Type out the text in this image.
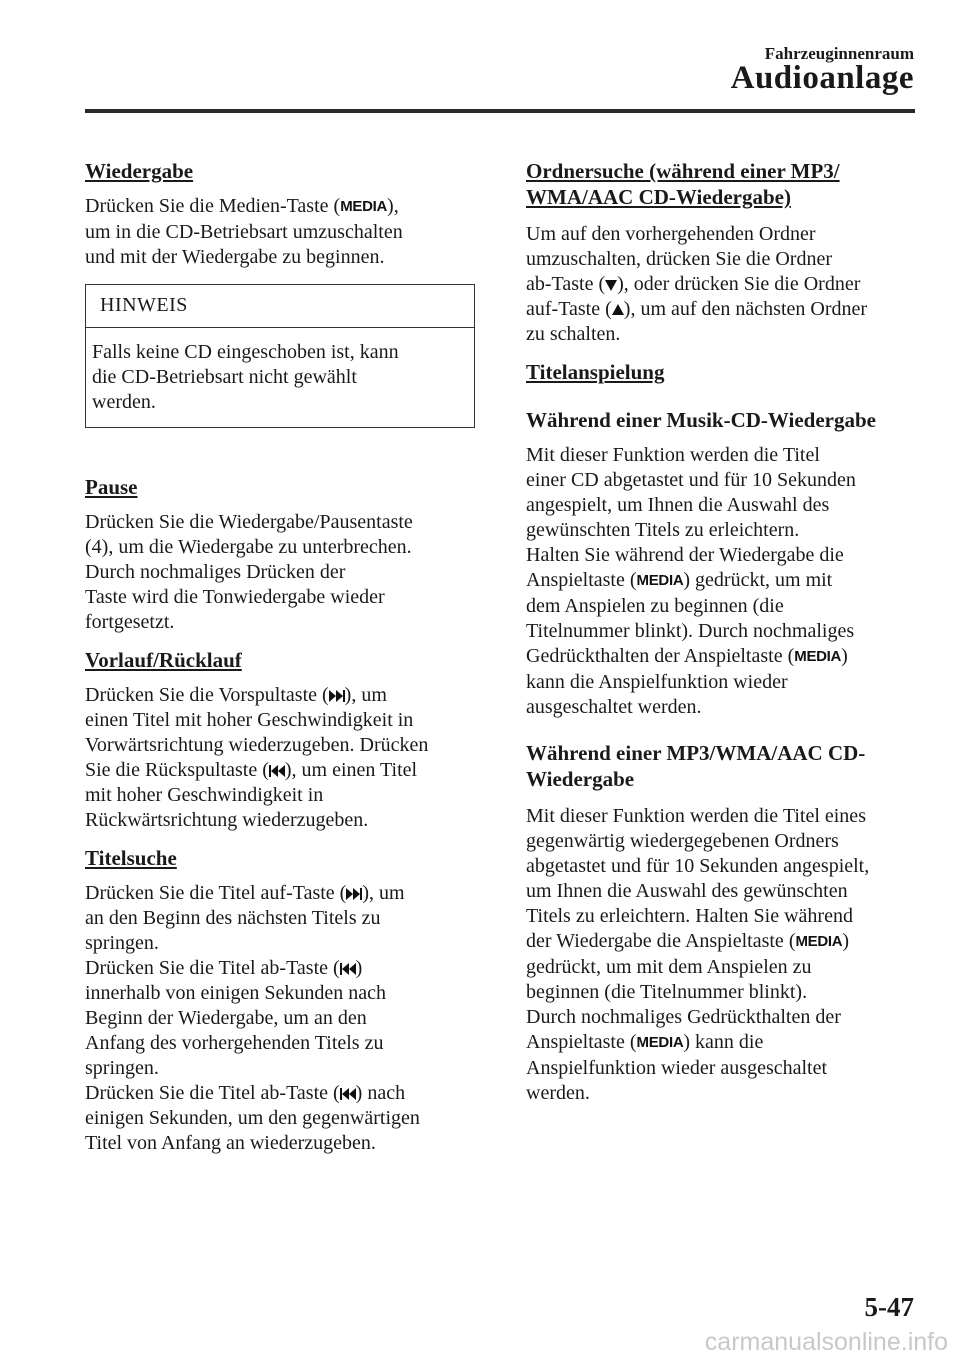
Fahrzeuginnenraum
Audioanlage
Wiedergabe
Drücken Sie die Medien-Taste (MEDIA),
um in die CD-Betriebsart umzuschalten
und mit der Wiedergabe zu beginnen.
HINWEIS
Falls keine CD eingeschoben ist, kann
die CD-Betriebsart nicht gewählt
werden.
Pause
Drücken Sie die Wiedergabe/Pausentaste
(4), um die Wiedergabe zu unterbrechen.
Durch nochmaliges Drücken der
Taste wird die Tonwiedergabe wieder
fortgesetzt.
Vorlauf/Rücklauf
Drücken Sie die Vorspultaste ( ), um
einen Titel mit hoher Geschwindigkeit in
Vorwärtsrichtung wiederzugeben. Drücken
Sie die Rückspultaste ( ), um einen Titel
mit hoher Geschwindigkeit in
Rückwärtsrichtung wiederzugeben.
Titelsuche
Drücken Sie die Titel auf-Taste ( ), um
an den Beginn des nächsten Titels zu
springen.
Drücken Sie die Titel ab-Taste ( )
innerhalb von einigen Sekunden nach
Beginn der Wiedergabe, um an den
Anfang des vorhergehenden Titels zu
springen.
Drücken Sie die Titel ab-Taste ( ) nach
einigen Sekunden, um den gegenwärtigen
Titel von Anfang an wiederzugeben.
Ordnersuche (während einer MP3/
WMA/AAC CD-Wiedergabe)
Um auf den vorhergehenden Ordner
umzuschalten, drücken Sie die Ordner
ab-Taste ( ), oder drücken Sie die Ordner
auf-Taste ( ), um auf den nächsten Ordner
zu schalten.
Titelanspielung
Während einer Musik-CD-Wiedergabe
Mit dieser Funktion werden die Titel
einer CD abgetastet und für 10 Sekunden
angespielt, um Ihnen die Auswahl des
gewünschten Titels zu erleichtern.
Halten Sie während der Wiedergabe die
Anspieltaste (MEDIA) gedrückt, um mit
dem Anspielen zu beginnen (die
Titelnummer blinkt). Durch nochmaliges
Gedrückthalten der Anspieltaste (MEDIA)
kann die Anspielfunktion wieder
ausgeschaltet werden.
Während einer MP3/WMA/AAC CD-
Wiedergabe
Mit dieser Funktion werden die Titel eines
gegenwärtig wiedergegebenen Ordners
abgetastet und für 10 Sekunden angespielt,
um Ihnen die Auswahl des gewünschten
Titels zu erleichtern. Halten Sie während
der Wiedergabe die Anspieltaste (MEDIA)
gedrückt, um mit dem Anspielen zu
beginnen (die Titelnummer blinkt).
Durch nochmaliges Gedrückthalten der
Anspieltaste (MEDIA) kann die
Anspielfunktion wieder ausgeschaltet
werden.
5-47
carmanualsonline.info
